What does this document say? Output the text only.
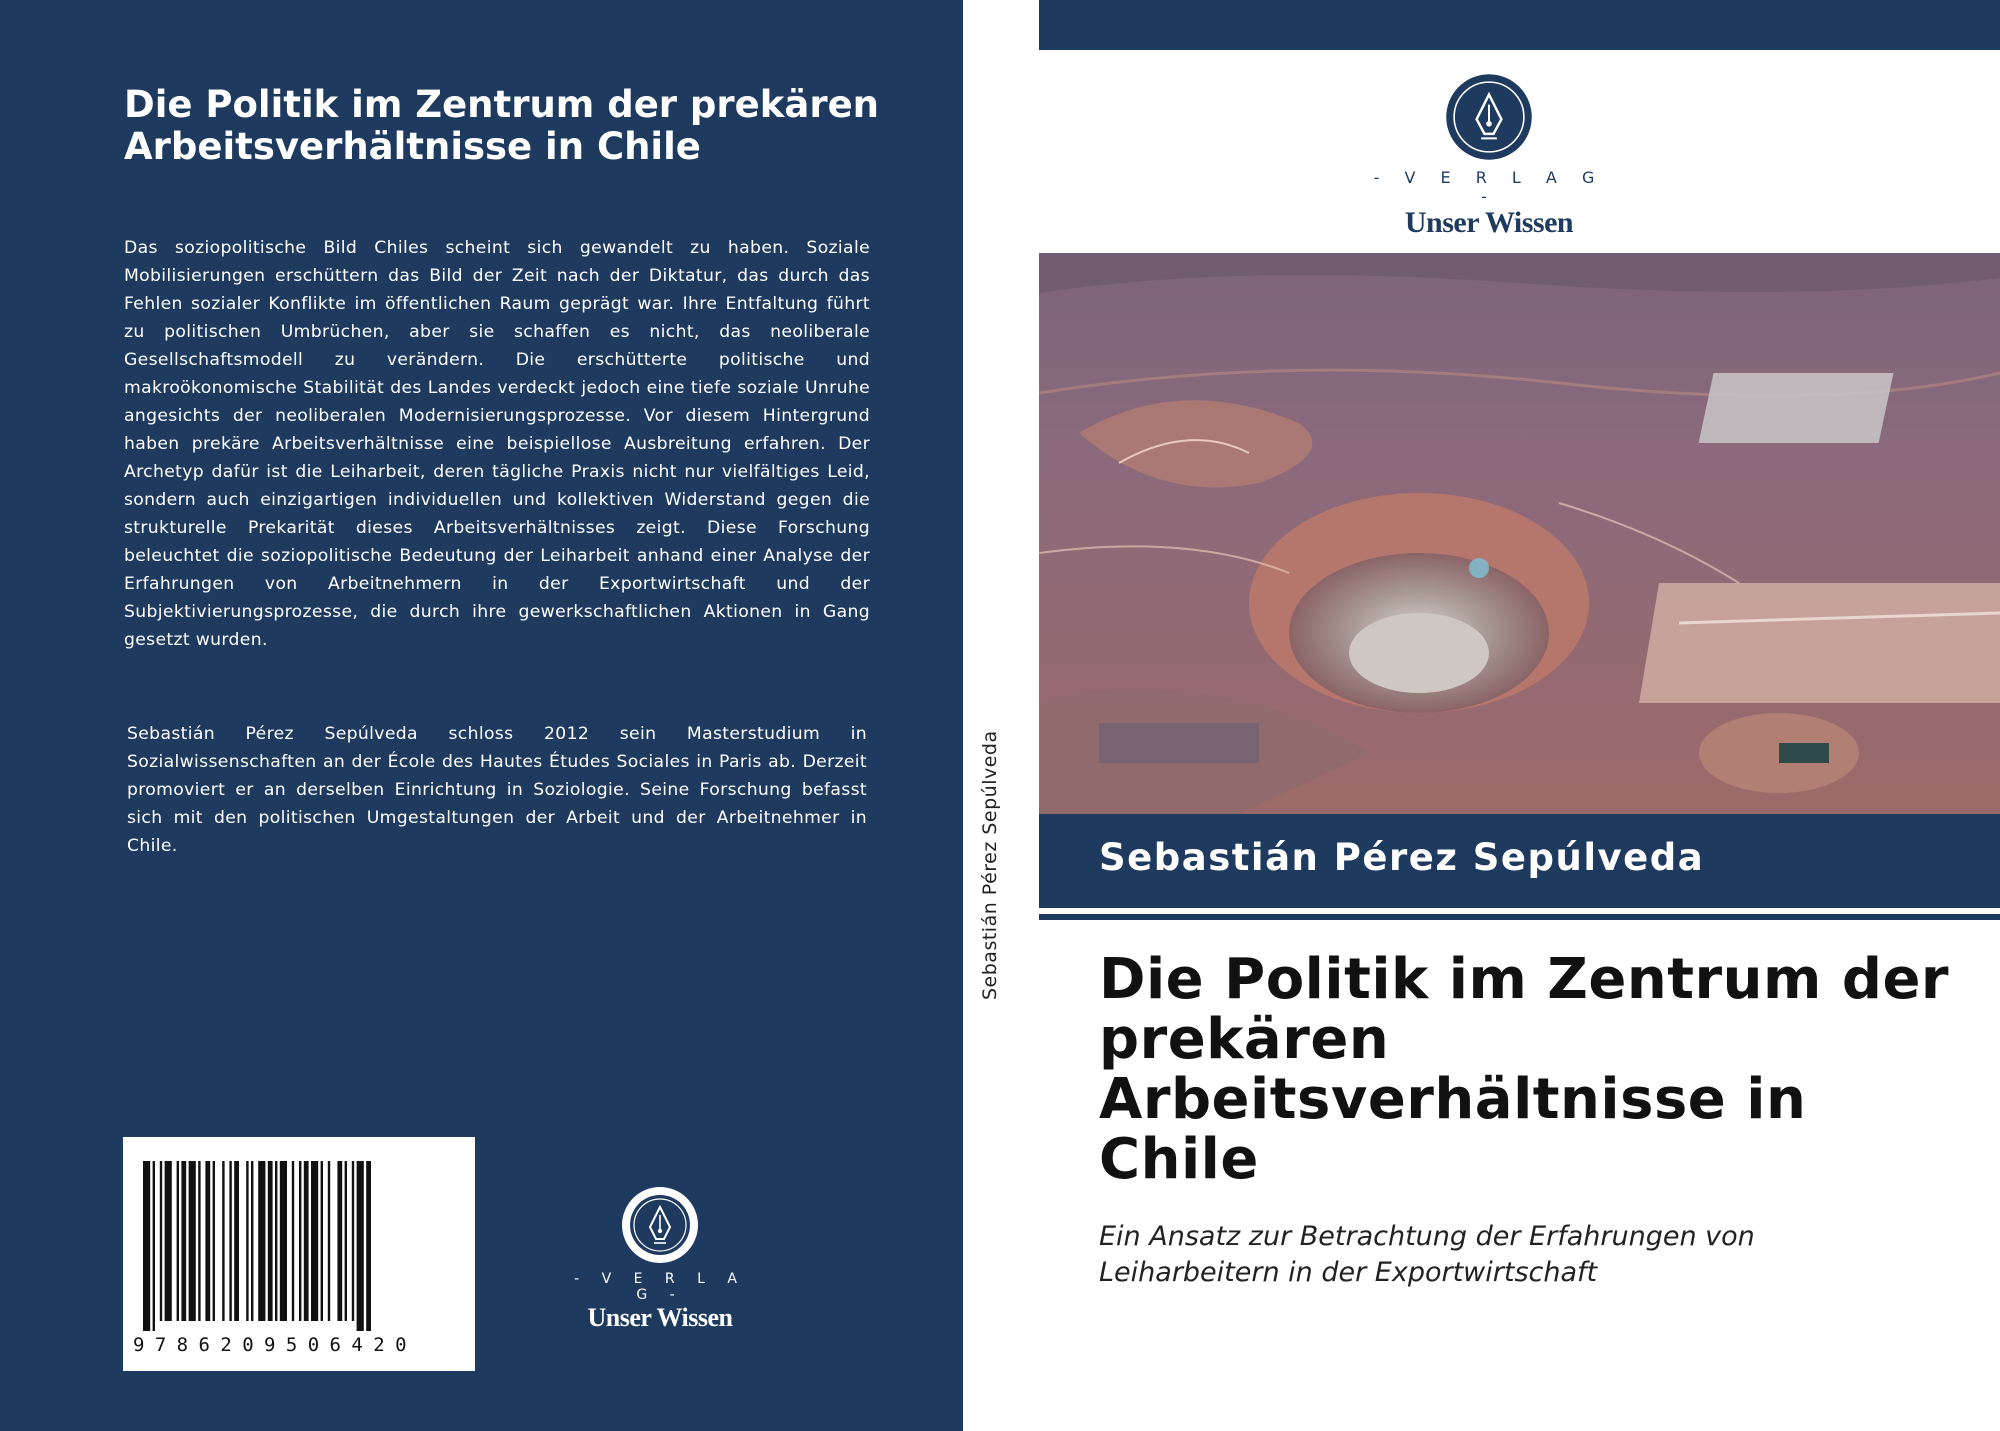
Die Politik im Zentrum der prekären Arbeitsverhältnisse in Chile

Das soziopolitische Bild Chiles scheint sich gewandelt zu haben. Soziale Mobilisierungen erschüttern das Bild der Zeit nach der Diktatur, das durch das Fehlen sozialer Konflikte im öffentlichen Raum geprägt war. Ihre Entfaltung führt zu politischen Umbrüchen, aber sie schaffen es nicht, das neoliberale Gesellschaftsmodell zu verändern. Die erschütterte politische und makroökonomische Stabilität des Landes verdeckt jedoch eine tiefe soziale Unruhe angesichts der neoliberalen Modernisierungsprozesse. Vor diesem Hintergrund haben prekäre Arbeitsverhältnisse eine beispiellose Ausbreitung erfahren. Der Archetyp dafür ist die Leiharbeit, deren tägliche Praxis nicht nur vielfältiges Leid, sondern auch einzigartigen individuellen und kollektiven Widerstand gegen die strukturelle Prekarität dieses Arbeitsverhältnisses zeigt. Diese Forschung beleuchtet die soziopolitische Bedeutung der Leiharbeit anhand einer Analyse der Erfahrungen von Arbeitnehmern in der Exportwirtschaft und der Subjektivierungsprozesse, die durch ihre gewerkschaftlichen Aktionen in Gang gesetzt wurden.

Sebastián Pérez Sepúlveda schloss 2012 sein Masterstudium in Sozialwissenschaften an der École des Hautes Études Sociales in Paris ab. Derzeit promoviert er an derselben Einrichtung in Soziologie. Seine Forschung befasst sich mit den politischen Umgestaltungen der Arbeit und der Arbeitnehmer in Chile.

9786209506420
- V E R L A G -
Unser Wissen
Sebastián Pérez Sepúlveda
- V E R L A G -
Unser Wissen

Sebastián Pérez Sepúlveda

Die Politik im Zentrum der prekären Arbeitsverhältnisse in Chile

Ein Ansatz zur Betrachtung der Erfahrungen von Leiharbeitern in der Exportwirtschaft
